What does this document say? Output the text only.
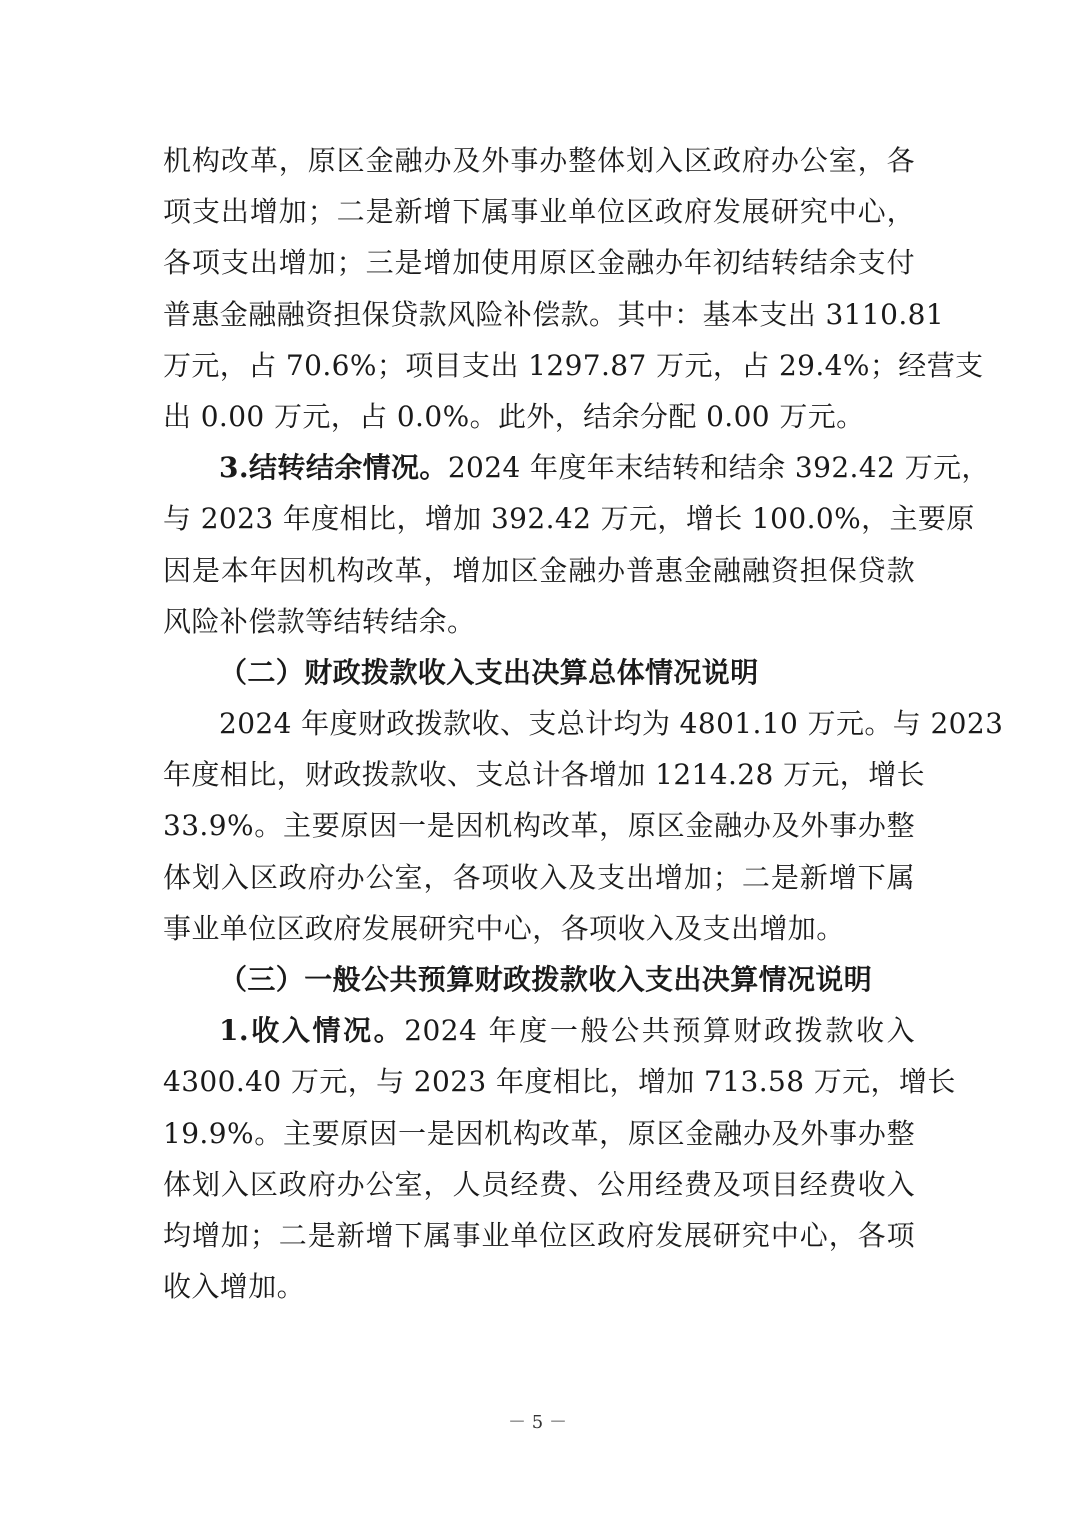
机构改革，原区金融办及外事办整体划入区政府办公室，各
项支出增加；二是新增下属事业单位区政府发展研究中心，
各项支出增加；三是增加使用原区金融办年初结转结余支付
普惠金融融资担保贷款风险补偿款。其中：基本支出 3110.81
万元，占 70.6%；项目支出 1297.87 万元，占 29.4%；经营支
出 0.00 万元，占 0.0%。此外，结余分配 0.00 万元。
3.结转结余情况。2024 年度年末结转和结余 392.42 万元，
与 2023 年度相比，增加 392.42 万元，增长 100.0%，主要原
因是本年因机构改革，增加区金融办普惠金融融资担保贷款
风险补偿款等结转结余。
（二）财政拨款收入支出决算总体情况说明
2024 年度财政拨款收、支总计均为 4801.10 万元。与 2023
年度相比，财政拨款收、支总计各增加 1214.28 万元，增长
33.9%。主要原因一是因机构改革，原区金融办及外事办整
体划入区政府办公室，各项收入及支出增加；二是新增下属
事业单位区政府发展研究中心，各项收入及支出增加。
（三）一般公共预算财政拨款收入支出决算情况说明
1.收入情况。2024 年度一般公共预算财政拨款收入
4300.40 万元，与 2023 年度相比，增加 713.58 万元，增长
19.9%。主要原因一是因机构改革，原区金融办及外事办整
体划入区政府办公室，人员经费、公用经费及项目经费收入
均增加；二是新增下属事业单位区政府发展研究中心，各项
收入增加。
－ 5 －
